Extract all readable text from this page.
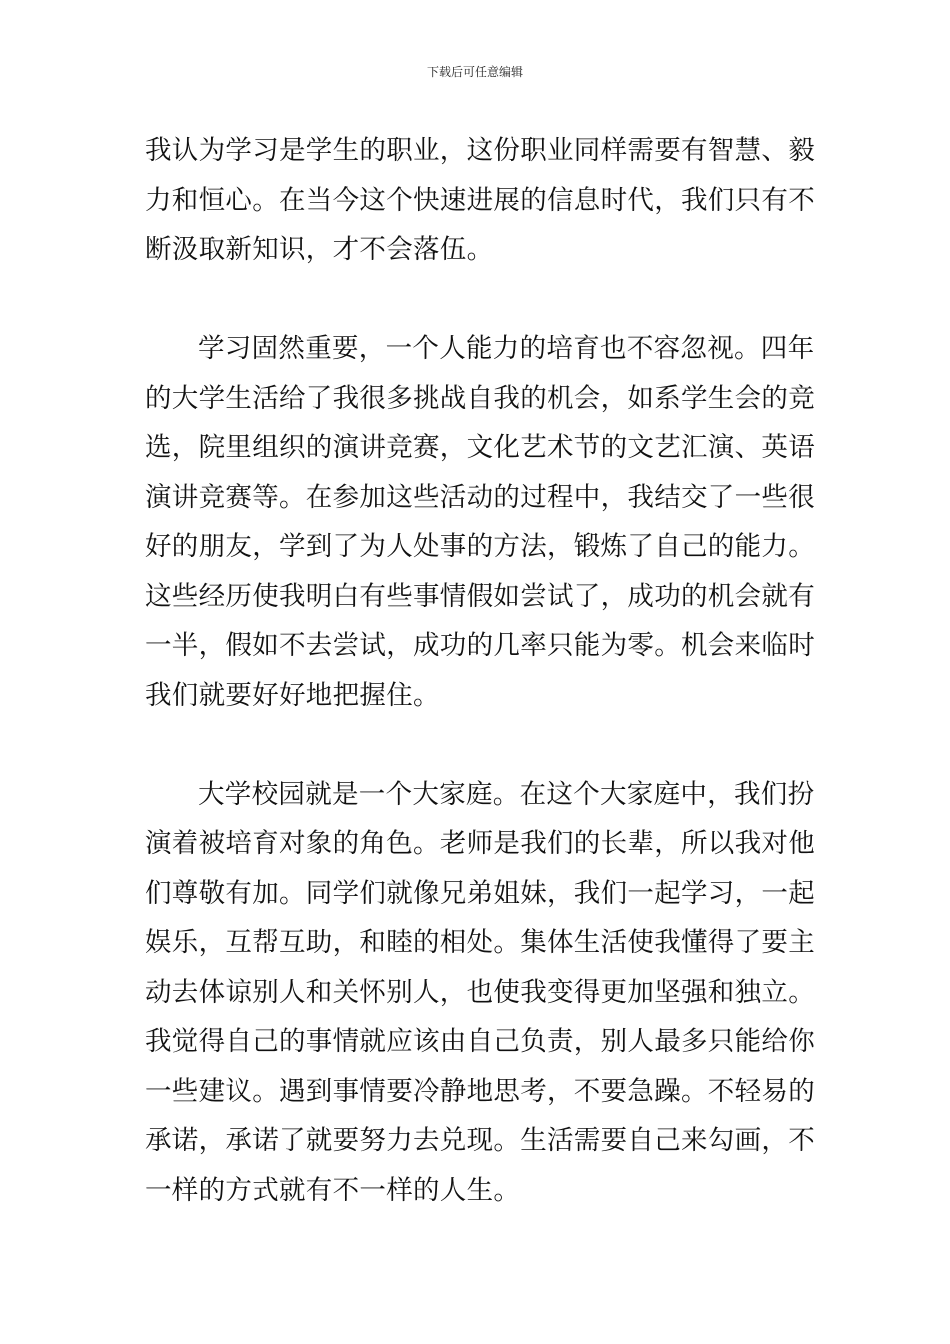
下载后可任意编辑

我认为学习是学生的职业，这份职业同样需要有智慧、毅
力和恒心。在当今这个快速进展的信息时代，我们只有不
断汲取新知识，才不会落伍。

学习固然重要，一个人能力的培育也不容忽视。四年
的大学生活给了我很多挑战自我的机会，如系学生会的竞
选，院里组织的演讲竞赛，文化艺术节的文艺汇演、英语
演讲竞赛等。在参加这些活动的过程中，我结交了一些很
好的朋友，学到了为人处事的方法，锻炼了自己的能力。
这些经历使我明白有些事情假如尝试了，成功的机会就有
一半，假如不去尝试，成功的几率只能为零。机会来临时
我们就要好好地把握住。

大学校园就是一个大家庭。在这个大家庭中，我们扮
演着被培育对象的角色。老师是我们的长辈，所以我对他
们尊敬有加。同学们就像兄弟姐妹，我们一起学习，一起
娱乐，互帮互助，和睦的相处。集体生活使我懂得了要主
动去体谅别人和关怀别人，也使我变得更加坚强和独立。
我觉得自己的事情就应该由自己负责，别人最多只能给你
一些建议。遇到事情要冷静地思考，不要急躁。不轻易的
承诺，承诺了就要努力去兑现。生活需要自己来勾画，不
一样的方式就有不一样的人生。
